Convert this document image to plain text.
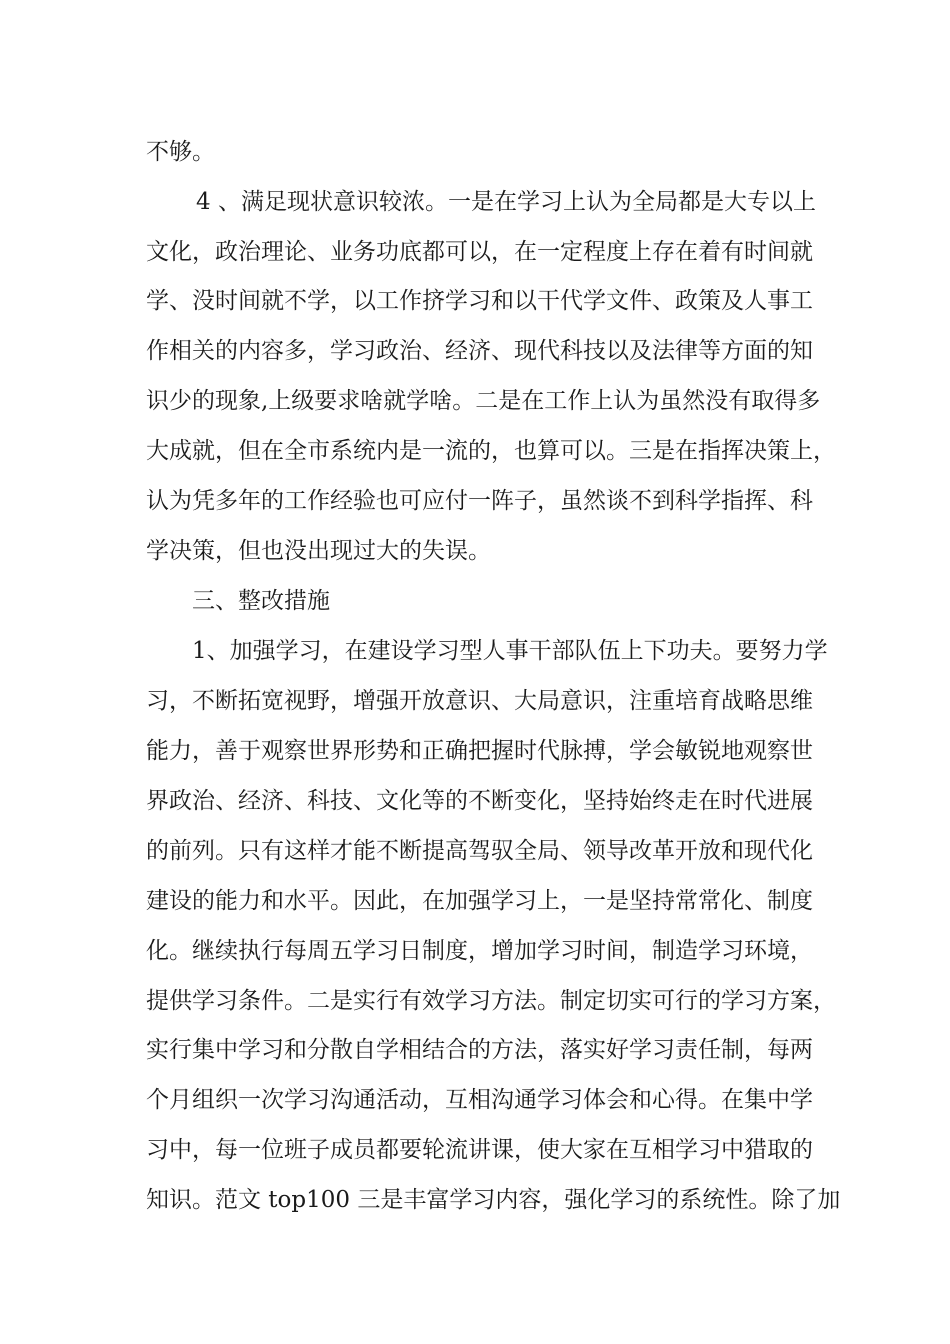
不够。
4 、满足现状意识较浓。一是在学习上认为全局都是大专以上
文化，政治理论、业务功底都可以，在一定程度上存在着有时间就
学、没时间就不学，以工作挤学习和以干代学文件、政策及人事工
作相关的内容多，学习政治、经济、现代科技以及法律等方面的知
识少的现象,上级要求啥就学啥。二是在工作上认为虽然没有取得多
大成就，但在全市系统内是一流的，也算可以。三是在指挥决策上，
认为凭多年的工作经验也可应付一阵子，虽然谈不到科学指挥、科
学决策，但也没出现过大的失误。
三、整改措施
1、加强学习，在建设学习型人事干部队伍上下功夫。要努力学
习，不断拓宽视野，增强开放意识、大局意识，注重培育战略思维
能力，善于观察世界形势和正确把握时代脉搏，学会敏锐地观察世
界政治、经济、科技、文化等的不断变化，坚持始终走在时代进展
的前列。只有这样才能不断提高驾驭全局、领导改革开放和现代化
建设的能力和水平。因此，在加强学习上，一是坚持常常化、制度
化。继续执行每周五学习日制度，增加学习时间，制造学习环境，
提供学习条件。二是实行有效学习方法。制定切实可行的学习方案，
实行集中学习和分散自学相结合的方法，落实好学习责任制，每两
个月组织一次学习沟通活动，互相沟通学习体会和心得。在集中学
习中，每一位班子成员都要轮流讲课，使大家在互相学习中猎取的
知识。范文 top100 三是丰富学习内容，强化学习的系统性。除了加
